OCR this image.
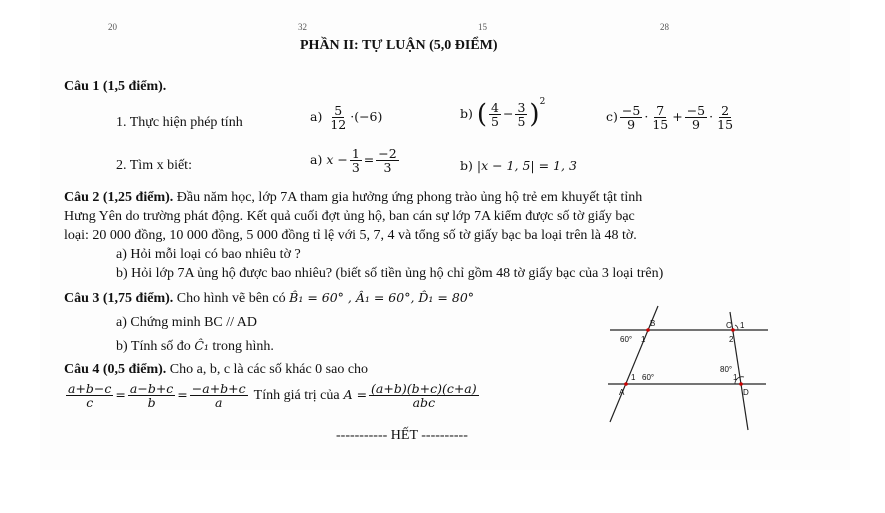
20	32	15	28
PHẦN II: TỰ LUẬN (5,0 ĐIỂM)
Câu 1 (1,5 điểm).
1. Thực hiện phép tính	$a) \frac{5}{12} \cdot(-6)$	b) ( $\frac{4}{5} - \frac{3}{5} )^2$
$c) \frac{-5}{9} \cdot \frac{7}{15} + \frac{-5}{9} \cdot \frac{2}{15}$
2. Tìm x biết:	a) $x - \frac{1}{3} = \frac{-2}{3}$	b) |x − 1, 5| = 1, 3
Câu 2 (1,25 điểm). Đầu năm học, lớp 7A tham gia hưởng ứng phong trào ủng hộ trẻ em khuyết tật tỉnh
Hưng Yên do trường phát động. Kết quả cuối đợt ủng hộ, ban cán sự lớp 7A kiểm được số tờ giấy bạc
loại: 20 000 đồng, 10 000 đồng, 5 000 đồng tỉ lệ với 5, 7, 4 và tổng số tờ giấy bạc ba loại trên là 48 tờ.
a) Hỏi mỗi loại có bao nhiêu tờ ?
b) Hỏi lớp 7A ủng hộ được bao nhiêu? (biết số tiền ủng hộ chỉ gồm 48 tờ giấy bạc của 3 loại trên)
Câu 3 (1,75 điểm). Cho hình vẽ bên có B̂₁ = 60° , Â₁ = 60°, D̂₁ = 80°
a) Chứng minh BC // AD
b) Tính số đo Ĉ₁ trong hình.
Câu 4 (0,5 điểm). Cho a, b, c là các số khác 0 sao cho
$\frac{a+b-c}{c} = \frac{a-b+c}{b} = \frac{-a+b+c}{a}$ Tính giá trị của $A = \frac{(a+b)(b+c)(c+a)}{\text{abc}}$
----------- HẾT ----------
B	C
A	D
60° 1
1
2
60°
1
80°
1
